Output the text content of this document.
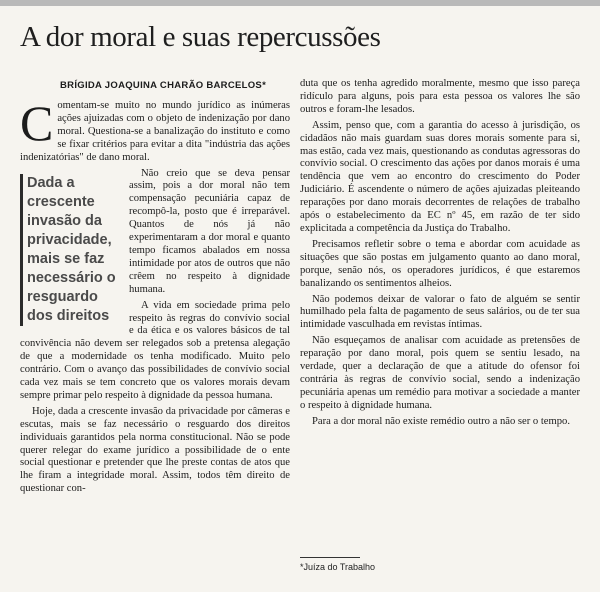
A dor moral e suas repercussões
BRÍGIDA JOAQUINA CHARÃO BARCELOS*

Comentam-se muito no mundo jurídico as inúmeras ações ajuizadas com o objeto de indenização por dano moral. Questiona-se a banalização do instituto e como se fixar critérios para evitar a dita "indústria das ações indenizatórias" de dano moral.

Dada a crescente invasão da privacidade, mais se faz necessário o resguardo dos direitos

Não creio que se deva pensar assim, pois a dor moral não tem compensação pecuniária capaz de recompô-la, posto que é irreparável. Quantos de nós já não experimentaram a dor moral e quanto tempo ficamos abalados em nossa intimidade por atos de outros que não crêem no respeito à dignidade humana.

A vida em sociedade prima pelo respeito às regras do convívio social e da ética e os valores básicos de tal convivência não devem ser relegados sob a pretensa alegação de que a modernidade os tenha modificado. Muito pelo contrário. Com o avanço das possibilidades de convívio social cada vez mais se tem concreto que os valores morais devam sempre primar pelo respeito à dignidade da pessoa humana.

Hoje, dada a crescente invasão da privacidade por câmeras e escutas, mais se faz necessário o resguardo dos direitos individuais garantidos pela norma constitucional. Não se pode querer relegar do exame jurídico a possibilidade de o ente social questionar e pretender que lhe preste contas de atos que lhe firam a integridade moral. Assim, todos têm direito de questionar con-

duta que os tenha agredido moralmente, mesmo que isso pareça ridículo para alguns, pois para esta pessoa os valores lhe são outros e foram-lhe lesados.

Assim, penso que, com a garantia do acesso à jurisdição, os cidadãos não mais guardam suas dores morais somente para si, mas estão, cada vez mais, questionando as condutas agressoras do convívio social. O crescimento das ações por danos morais é uma tendência que vem ao encontro do crescimento do Poder Judiciário. É ascendente o número de ações ajuizadas pleiteando reparações por dano morais decorrentes de relações de trabalho após o estabelecimento da EC nº 45, em razão de ter sido explicitada a competência da Justiça do Trabalho.

Precisamos refletir sobre o tema e abordar com acuidade as situações que são postas em julgamento quanto ao dano moral, porque, senão nós, os operadores jurídicos, é que estaremos banalizando os sentimentos alheios.

Não podemos deixar de valorar o fato de alguém se sentir humilhado pela falta de pagamento de seus salários, ou de ter sua intimidade vasculhada em revistas íntimas.

Não esqueçamos de analisar com acuidade as pretensões de reparação por dano moral, pois quem se sentiu lesado, na verdade, quer a declaração de que a atitude do ofensor foi contrária às regras de convívio social, sendo a indenização pecuniária apenas um remédio para motivar a sociedade a manter o respeito à dignidade humana.

Para a dor moral não existe remédio outro a não ser o tempo.

*Juíza do Trabalho
